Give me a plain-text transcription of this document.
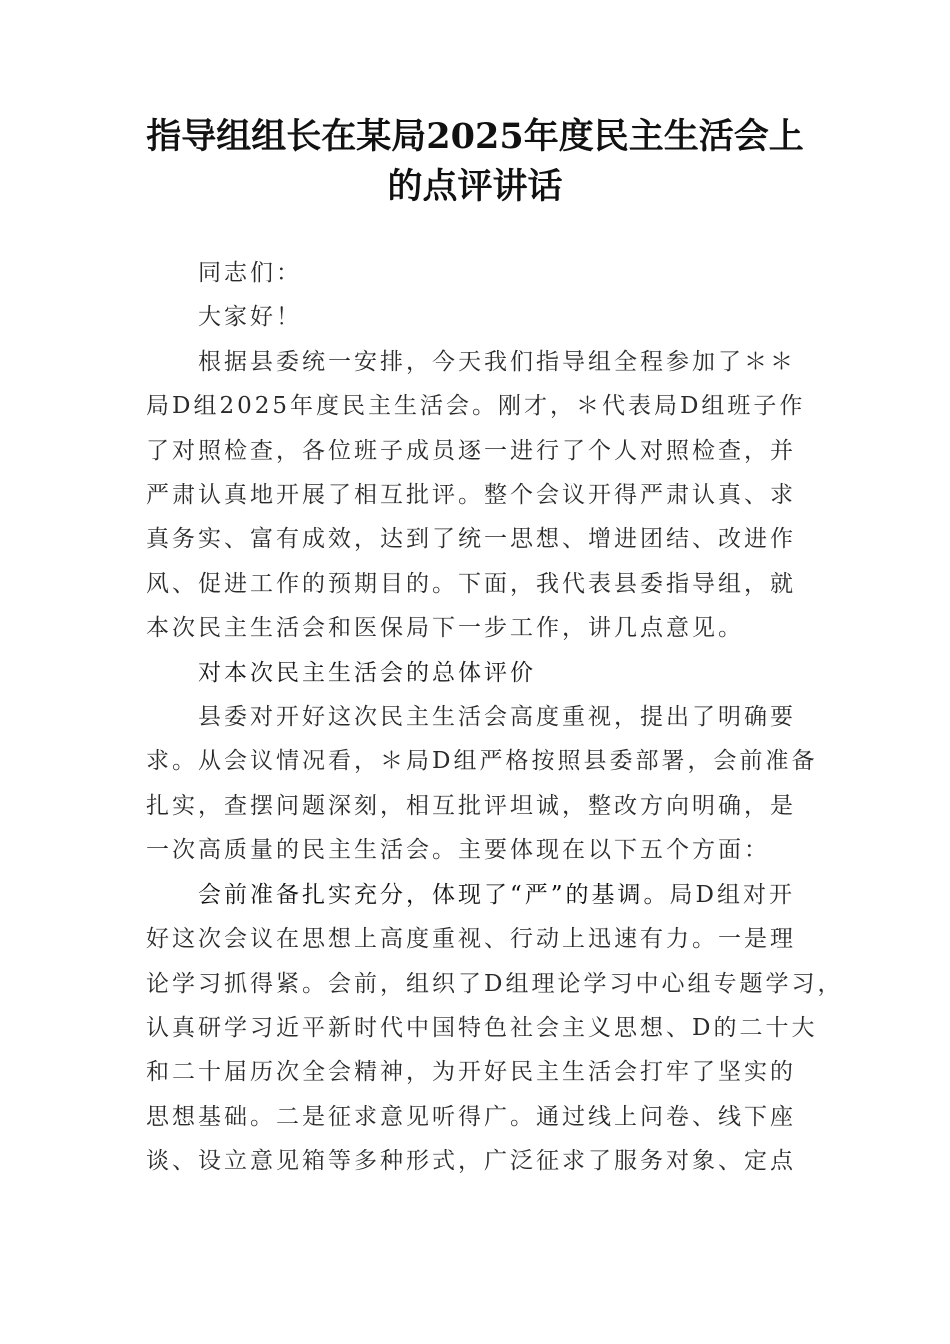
指导组组长在某局2025年度民主生活会上
的点评讲话
同志们：
大家好！
根据县委统一安排，今天我们指导组全程参加了＊＊
局D组2025年度民主生活会。刚才，＊代表局D组班子作
了对照检查，各位班子成员逐一进行了个人对照检查，并
严肃认真地开展了相互批评。整个会议开得严肃认真、求
真务实、富有成效，达到了统一思想、增进团结、改进作
风、促进工作的预期目的。下面，我代表县委指导组，就
本次民主生活会和医保局下一步工作，讲几点意见。
对本次民主生活会的总体评价
县委对开好这次民主生活会高度重视，提出了明确要
求。从会议情况看，＊局D组严格按照县委部署，会前准备
扎实，查摆问题深刻，相互批评坦诚，整改方向明确，是
一次高质量的民主生活会。主要体现在以下五个方面：
会前准备扎实充分，体现了“严”的基调。局D组对开
好这次会议在思想上高度重视、行动上迅速有力。一是理
论学习抓得紧。会前，组织了D组理论学习中心组专题学习，
认真研学习近平新时代中国特色社会主义思想、D的二十大
和二十届历次全会精神，为开好民主生活会打牢了坚实的
思想基础。二是征求意见听得广。通过线上问卷、线下座
谈、设立意见箱等多种形式，广泛征求了服务对象、定点
